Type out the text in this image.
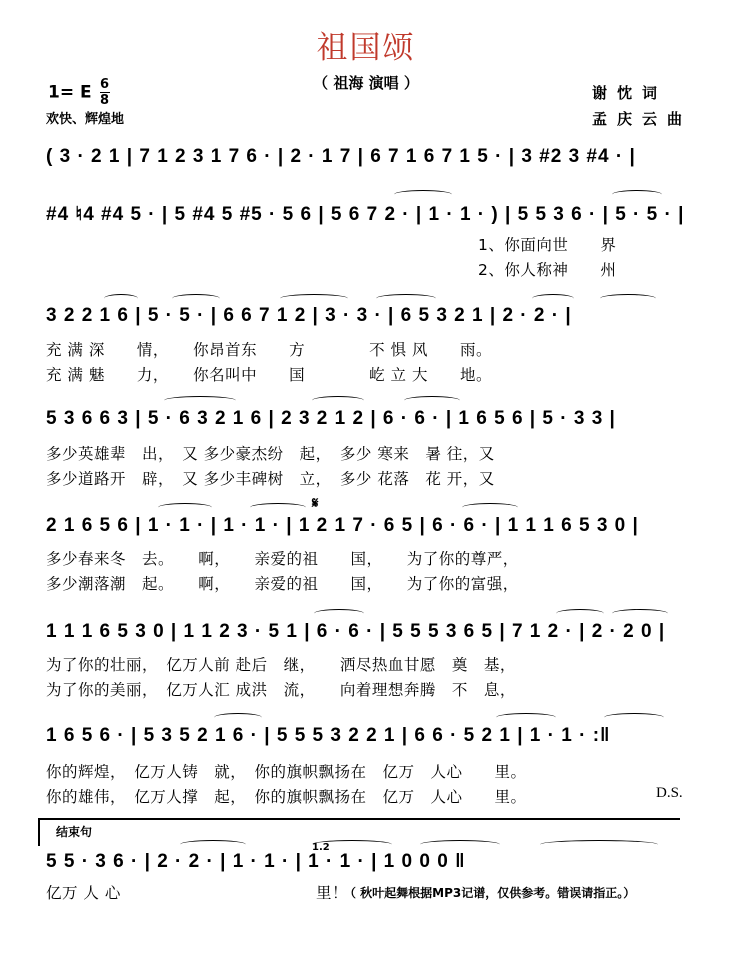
祖国颂
（ 祖海 演唱 ）
1= E $\frac{6}{8}$
欢快、辉煌地
谢忱词
孟庆云曲
( 3 · 2 1 | 7 1 2 3 1 7 6 · | 2 · 1 7 | 6 7 1 6 7 1 5 · | 3 #2 3 #4 · |
#4 ♮4 #4 5 · | 5 #4 5 #5 · 5 6 | 5 6 7 2 · | 1 · 1 · ) | 5 5 3 6 · | 5 · 5 · |
1、你面向世　　界
2、你人称神　　州
3 2 2 1 6 | 5 · 5 · | 6 6 7 1 2 | 3 · 3 · | 6 5 3 2 1 | 2 · 2 · |
充 满 深　　情，　　你昂首东　　方　　　　不 惧 风　　雨。
充 满 魅　　力，　　你名叫中　　国　　　　屹 立 大　　地。
5 3 6 6 3 | 5 · 6 3 2 1 6 | 2 3 2 1 2 | 6 · 6 · | 1 6 5 6 | 5 · 3 3 |
多少英雄辈　出，　又 多少豪杰纷　起，　多少 寒来　暑 往，又
多少道路开　辟，　又 多少丰碑树　立，　多少 花落　花 开，又
𝄋
2 1 6 5 6 | 1 · 1 · | 1 · 1 · | 1 2 1 7 · 6 5 | 6 · 6 · | 1 1 1 6 5 3 0 |
多少春来冬　去。　　啊，　　亲爱的祖　　国，　　为了你的尊严，
多少潮落潮　起。　　啊，　　亲爱的祖　　国，　　为了你的富强，
1 1 1 6 5 3 0 | 1 1 2 3 · 5 1 | 6 · 6 · | 5 5 5 3 6 5 | 7 1 2 · | 2 · 2 0 |
为了你的壮丽，　亿万人前 赴后　继，　　洒尽热血甘愿　奠　基，
为了你的美丽，　亿万人汇 成洪　流，　　向着理想奔腾　不　息，
1 6 5 6 · | 5 3 5 2 1 6 · | 5 5 5 3 2 2 1 | 6 6 · 5 2 1 | 1 · 1 · :‖
你的辉煌，　亿万人铸　就，　你的旗帜飘扬在　亿万　人心　　里。
你的雄伟，　亿万人撑　起，　你的旗帜飘扬在　亿万　人心　　里。	D.S.
结束句
1.2
5 5 · 3 6 · | 2 · 2 · | 1 · 1 · | 1 · 1 · | 1 0 0 0 ‖
亿万 人 心	里！
（ 秋叶起舞根据MP3记谱，仅供参考。错误请指正。）
